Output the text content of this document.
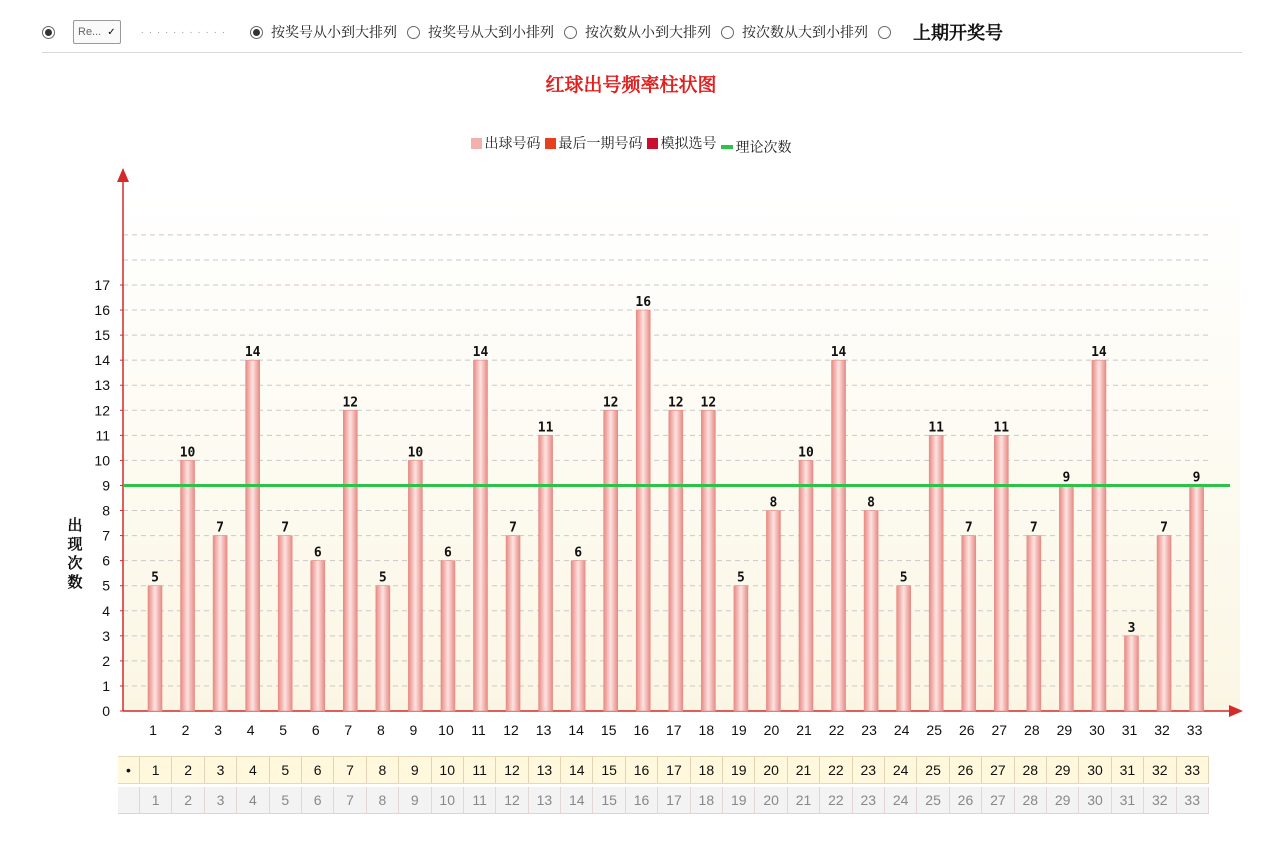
Re... ✓	· · · · · · · · · · ·	按奖号从小到大排列 按奖号从大到小排列 按次数从小到大排列 按次数从大到小排列	上期开奖号
红球出号频率柱状图
出球号码 最后一期号码 模拟选号 理论次数
0
1
2
3
4
5
6
7
8
9
10
11
12
13
14
15
16
17
出
现
次
数	5
1
10
2
7
3
14
4
7
5
6
6
12
7
5
8
10
9
6
10
14
11
7
12
11
13
6
14
12
15
16
16
12
17
12
18
5
19
8
20
10
21
14
22
8
23
5
24
11
25
7
26
11
27
7
28
9
29
14
30
3
31
7
32
9
33
•	1	2	3	4	5	6	7	8	9	10	11	12	13	14	15	16	17	18	19	20	21	22	23	24	25	26	27	28	29	30	31	32	33
1	2	3	4	5	6	7	8	9	10	11	12	13	14	15	16	17	18	19	20	21	22	23	24	25	26	27	28	29	30	31	32	33
